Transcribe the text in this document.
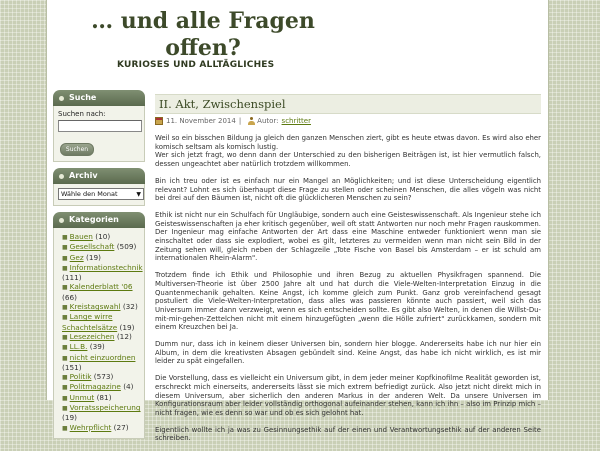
… und alle Fragen offen?
KURIOSES UND ALLTÄGLICHES
Suche
Suchen nach:
Suchen
Archiv
Wähle den Monat	▼
Kategorien
■ Bauen (10)
■ Gesellschaft (509)
■ Gez (19)
■ Informationstechnik (111)
■ Kalenderblatt '06 (66)
■ Kreistagswahl (32)
■ Lange wirre Schachtelsätze (19)
■ Lesezeichen (12)
■ LL.B. (39)
■ nicht einzuordnen (151)
■ Politik (573)
■ Politmagazine (4)
■ Unmut (81)
■ Vorratsspeicherung (19)
■ Wehrpflicht (27)
II. Akt, Zwischenspiel
11. November 2014 | Autor: schritter

Weil so ein bisschen Bildung ja gleich den ganzen Menschen ziert, gibt es heute etwas davon. Es wird also eher komisch seltsam als komisch lustig.
Wer sich jetzt fragt, wo denn dann der Unterschied zu den bisherigen Beiträgen ist, ist hier vermutlich falsch, dessen ungeachtet aber natürlich trotzdem willkommen.

Bin ich treu oder ist es einfach nur ein Mangel an Möglichkeiten; und ist diese Unterscheidung eigentlich relevant? Lohnt es sich überhaupt diese Frage zu stellen oder scheinen Menschen, die alles vögeln was nicht bei drei auf den Bäumen ist, nicht oft die glücklicheren Menschen zu sein?

Ethik ist nicht nur ein Schulfach für Ungläubige, sondern auch eine Geisteswissenschaft. Als Ingenieur stehe ich Geisteswissenschaften ja eher kritisch gegenüber, weil oft statt Antworten nur noch mehr Fragen rauskommen. Der Ingenieur mag einfache Antworten der Art dass eine Maschine entweder funktioniert wenn man sie einschaltet oder dass sie explodiert, wobei es gilt, letzteres zu vermeiden wenn man nicht sein Bild in der Zeitung sehen will, gleich neben der Schlagzeile „Tote Fische von Basel bis Amsterdam – er ist schuld am internationalen Rhein-Alarm".

Trotzdem finde ich Ethik und Philosophie und ihren Bezug zu aktuellen Physikfragen spannend. Die Multiversen-Theorie ist über 2500 Jahre alt und hat durch die Viele-Welten-Interpretation Einzug in die Quantenmechanik gehalten. Keine Angst, ich komme gleich zum Punkt. Ganz grob vereinfachend gesagt postuliert die Viele-Welten-Interpretation, dass alles was passieren könnte auch passiert, weil sich das Universum immer dann verzweigt, wenn es sich entscheiden sollte. Es gibt also Welten, in denen die Willst-Du-mit-mir-gehen-Zettelchen nicht mit einem hinzugefügten „wenn die Hölle zufriert" zurückkamen, sondern mit einem Kreuzchen bei Ja.

Dumm nur, dass ich in keinem dieser Universen bin, sondern hier blogge. Andererseits habe ich nur hier ein Album, in dem die kreativsten Absagen gebündelt sind. Keine Angst, das habe ich nicht wirklich, es ist mir leider zu spät eingefallen.

Die Vorstellung, dass es vielleicht ein Universum gibt, in dem jeder meiner Kopfkinofilme Realität geworden ist, erschreckt mich einerseits, andererseits lässt sie mich extrem befriedigt zurück. Also jetzt nicht direkt mich in diesem Universum, aber sicherlich den anderen Markus in der anderen Welt. Da unsere Universen im Konfigurationsraum aber leider vollständig orthogonal aufeinander stehen, kann ich ihn – also im Prinzip mich – nicht fragen, wie es denn so war und ob es sich gelohnt hat.

Eigentlich wollte ich ja was zu Gesinnungsethik auf der einen und Verantwortungsethik auf der anderen Seite schreiben.
